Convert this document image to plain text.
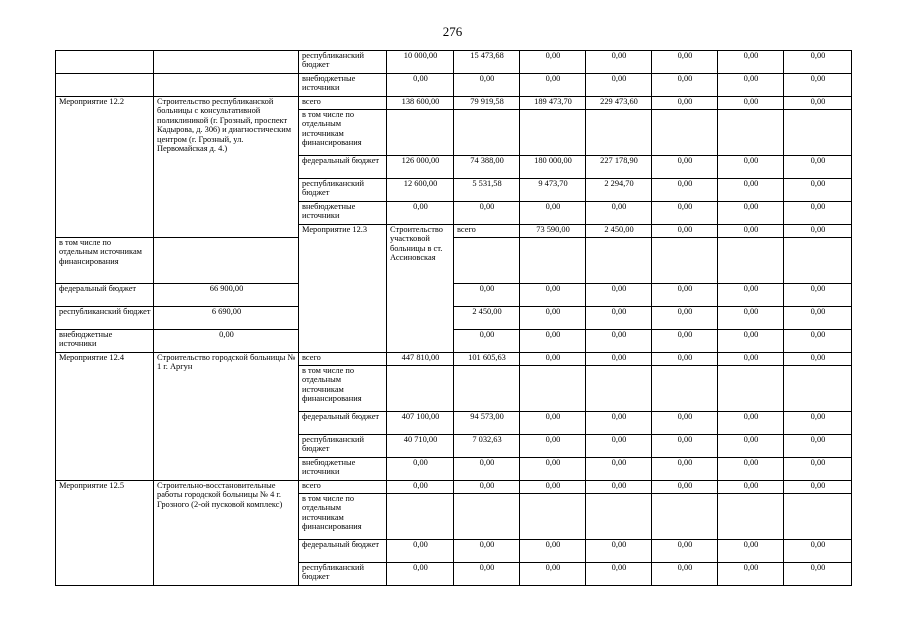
276
		республиканский бюджет	10 000,00	15 473,68	0,00	0,00	0,00	0,00	0,00	
		внебюджетные источники	0,00	0,00	0,00	0,00	0,00	0,00	0,00	
Мероприятие 12.2	Строительство республиканской больницы с консультативной поликлиникой (г. Грозный, проспект Кадырова, д. 306) и диагностическим центром (г. Грозный, ул. Первомайская д. 4.)	всего	138 600,00	79 919,58	189 473,70	229 473,60	0,00	0,00	0,00	
		в том числе по отдельным источникам финансирования								
		федеральный бюджет	126 000,00	74 388,00	180 000,00	227 178,90	0,00	0,00	0,00	
		республиканский бюджет	12 600,00	5 531,58	9 473,70	2 294,70	0,00	0,00	0,00	
		внебюджетные источники	0,00	0,00	0,00	0,00	0,00	0,00	0,00	
		Мероприятие 12.3	Строительство участковой больницы в ст. Ассиновская	всего	73 590,00	2 450,00	0,00	0,00	0,00		
в том числе по отдельным источникам финансирования										
федеральный бюджет	66 900,00			0,00	0,00	0,00	0,00	0,00	0,00	
республиканский бюджет	6 690,00			2 450,00	0,00	0,00	0,00	0,00	0,00	
внебюджетные источники	0,00			0,00	0,00	0,00	0,00	0,00	0,00	
Мероприятие 12.4	Строительство городской больницы № 1 г. Аргун	всего	447 810,00	101 605,63	0,00	0,00	0,00	0,00	0,00	
		в том числе по отдельным источникам финансирования								
		федеральный бюджет	407 100,00	94 573,00	0,00	0,00	0,00	0,00	0,00	
		республиканский бюджет	40 710,00	7 032,63	0,00	0,00	0,00	0,00	0,00	
		внебюджетные источники	0,00	0,00	0,00	0,00	0,00	0,00	0,00	
Мероприятие 12.5	Строительно-восстановительные работы городской больницы № 4 г. Грозного (2-ой пусковой комплекс)	всего	0,00	0,00	0,00	0,00	0,00	0,00	0,00	
		в том числе по отдельным источникам финансирования								
		федеральный бюджет	0,00	0,00	0,00	0,00	0,00	0,00	0,00	
		республиканский бюджет	0,00	0,00	0,00	0,00	0,00	0,00	0,00	
